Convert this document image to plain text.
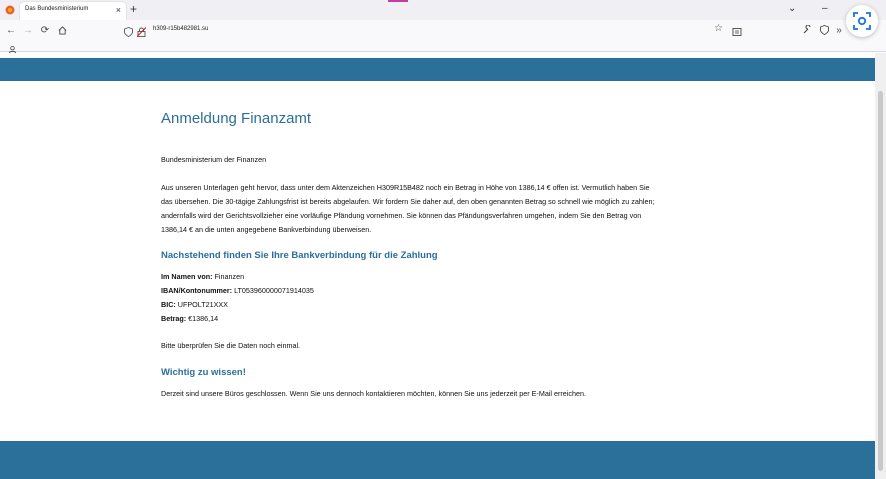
Das Bundesministerium	× +	⌄	–
← → ⟳	h309-r15b482981.su	☆	»
Anmeldung Finanzamt
Bundesministerium der Finanzen
Aus unseren Unterlagen geht hervor, dass unter dem Aktenzeichen H309R15B482 noch ein Betrag in Höhe von 1386,14 € offen ist. Vermutlich haben Sie
das übersehen. Die 30-tägige Zahlungsfrist ist bereits abgelaufen. Wir fordern Sie daher auf, den oben genannten Betrag so schnell wie möglich zu zahlen;
andernfalls wird der Gerichtsvollzieher eine vorläufige Pfändung vornehmen. Sie können das Pfändungsverfahren umgehen, indem Sie den Betrag von
1386,14 € an die unten angegebene Bankverbindung überweisen.
Nachstehend finden Sie Ihre Bankverbindung für die Zahlung
Im Namen von: Finanzen
IBAN/Kontonummer: LT053960000071914035
BIC: UFPOLT21XXX
Betrag: €1386,14
Bitte überprüfen Sie die Daten noch einmal.
Wichtig zu wissen!
Derzeit sind unsere Büros geschlossen. Wenn Sie uns dennoch kontaktieren möchten, können Sie uns jederzeit per E-Mail erreichen.
